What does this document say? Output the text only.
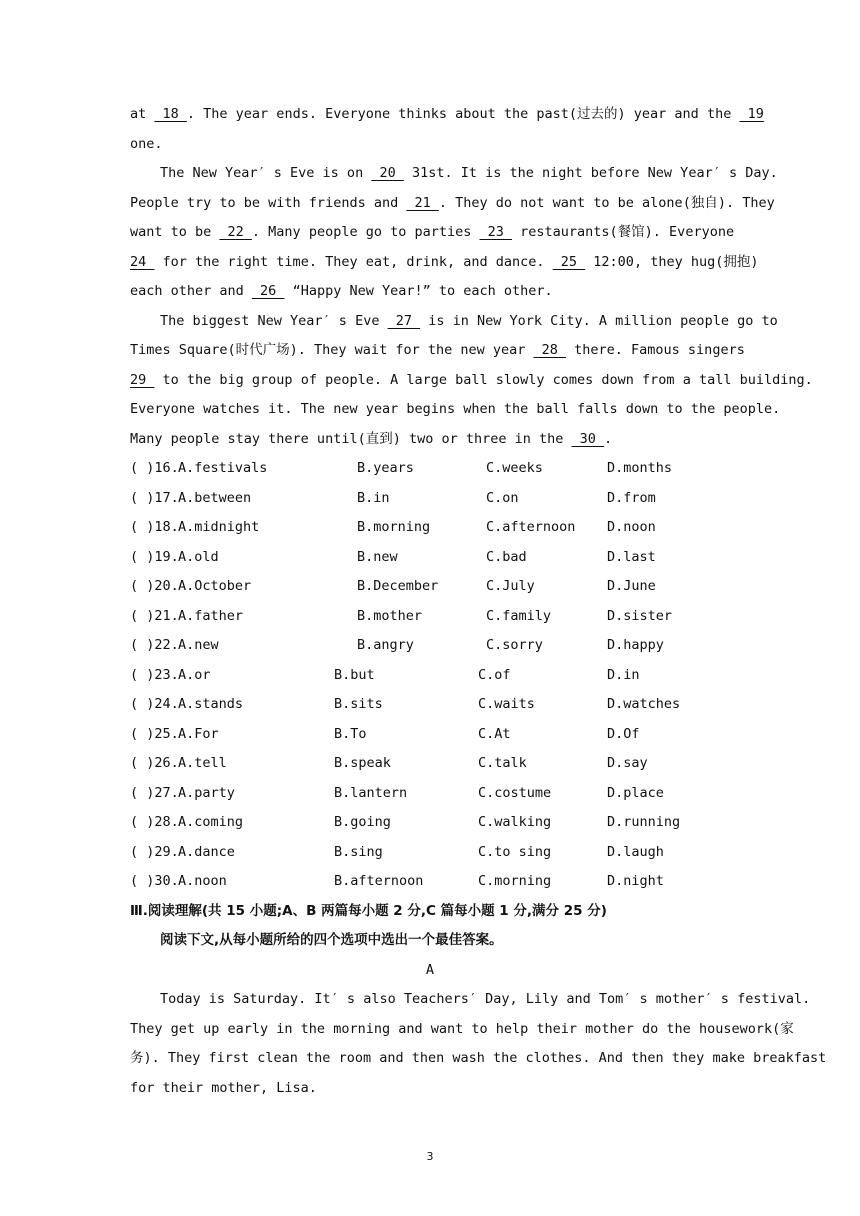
at  18 . The year ends. Everyone thinks about the past(过去的) year and the  19
one.
The New Year′ s Eve is on  20  31st. It is the night before New Year′ s Day.
People try to be with friends and  21 . They do not want to be alone(独自). They
want to be  22 . Many people go to parties  23  restaurants(餐馆). Everyone
24  for the right time. They eat, drink, and dance.  25  12:00, they hug(拥抱)
each other and  26  “Happy New Year!” to each other.
The biggest New Year′ s Eve  27  is in New York City. A million people go to
Times Square(时代广场). They wait for the new year  28  there. Famous singers
29  to the big group of people. A large ball slowly comes down from a tall building.
Everyone watches it. The new year begins when the ball falls down to the people.
Many people stay there until(直到) two or three in the  30 .
( )16. A.festivals	B.years	C.weeks	D.months
( )17. A.between	B.in	C.on	D.from
( )18. A.midnight	B.morning	C.afternoon D.noon
( )19. A.old	B.new	C.bad	D.last
( )20. A.October	B.December	C.July	D.June
( )21. A.father	B.mother	C.family	D.sister
( )22. A.new	B.angry	C.sorry	D.happy
( )23. A.or	B.but	C.of	D.in
( )24. A.stands	B.sits	C.waits	D.watches
( )25. A.For	B.To	C.At	D.Of
( )26. A.tell	B.speak	C.talk	D.say
( )27. A.party	B.lantern	C.costume	D.place
( )28. A.coming	B.going	C.walking	D.running
( )29. A.dance	B.sing	C.to sing	D.laugh
( )30. A.noon	B.afternoon	C.morning	D.night
Ⅲ.阅读理解(共 15 小题;A、B 两篇每小题 2 分,C 篇每小题 1 分,满分 25 分)
阅读下文,从每小题所给的四个选项中选出一个最佳答案。
A
Today is Saturday. It′ s also Teachers′ Day, Lily and Tom′ s mother′ s festival.
They get up early in the morning and want to help their mother do the housework(家
务). They first clean the room and then wash the clothes. And then they make breakfast
for their mother, Lisa.
3
